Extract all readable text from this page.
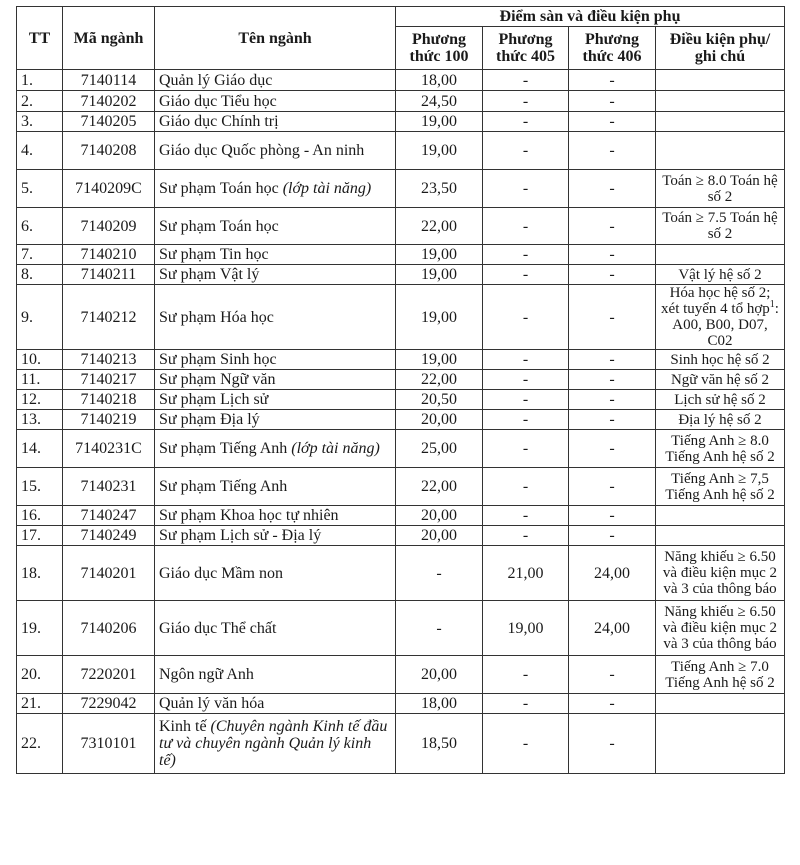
TT	Mã ngành	Tên ngành	Điểm sàn và điều kiện phụ			
			Phương thức 100	Phương thức 405	Phương thức 406	Điều kiện phụ/ ghi chú
1.	7140114	Quản lý Giáo dục	18,00	-	-	
2.	7140202	Giáo dục Tiểu học	24,50	-	-	
3.	7140205	Giáo dục Chính trị	19,00	-	-	
4.	7140208	Giáo dục Quốc phòng - An ninh	19,00	-	-	
5.	7140209C	Sư phạm Toán học (lớp tài năng)	23,50	-	-	Toán ≥ 8.0 Toán hệ số 2
6.	7140209	Sư phạm Toán học	22,00	-	-	Toán ≥ 7.5 Toán hệ số 2
7.	7140210	Sư phạm Tin học	19,00	-	-	
8.	7140211	Sư phạm Vật lý	19,00	-	-	Vật lý hệ số 2
9.	7140212	Sư phạm Hóa học	19,00	-	-	Hóa học hệ số 2; xét tuyển 4 tổ hợp$^1$: A00, B00, D07, C02
10.	7140213	Sư phạm Sinh học	19,00	-	-	Sinh học hệ số 2
11.	7140217	Sư phạm Ngữ văn	22,00	-	-	Ngữ văn hệ số 2
12.	7140218	Sư phạm Lịch sử	20,50	-	-	Lịch sử hệ số 2
13.	7140219	Sư phạm Địa lý	20,00	-	-	Địa lý hệ số 2
14.	7140231C	Sư phạm Tiếng Anh (lớp tài năng)	25,00	-	-	Tiếng Anh ≥ 8.0 Tiếng Anh hệ số 2
15.	7140231	Sư phạm Tiếng Anh	22,00	-	-	Tiếng Anh ≥ 7,5 Tiếng Anh hệ số 2
16.	7140247	Sư phạm Khoa học tự nhiên	20,00	-	-	
17.	7140249	Sư phạm Lịch sử - Địa lý	20,00	-	-	
18.	7140201	Giáo dục Mầm non	-	21,00	24,00	Năng khiếu ≥ 6.50 và điều kiện mục 2 và 3 của thông báo
19.	7140206	Giáo dục Thể chất	-	19,00	24,00	Năng khiếu ≥ 6.50 và điều kiện mục 2 và 3 của thông báo
20.	7220201	Ngôn ngữ Anh	20,00	-	-	Tiếng Anh ≥ 7.0 Tiếng Anh hệ số 2
21.	7229042	Quản lý văn hóa	18,00	-	-	
22.	7310101	Kinh tế (Chuyên ngành Kinh tế đầu tư và chuyên ngành Quản lý kinh tế)	18,50	-	-	
